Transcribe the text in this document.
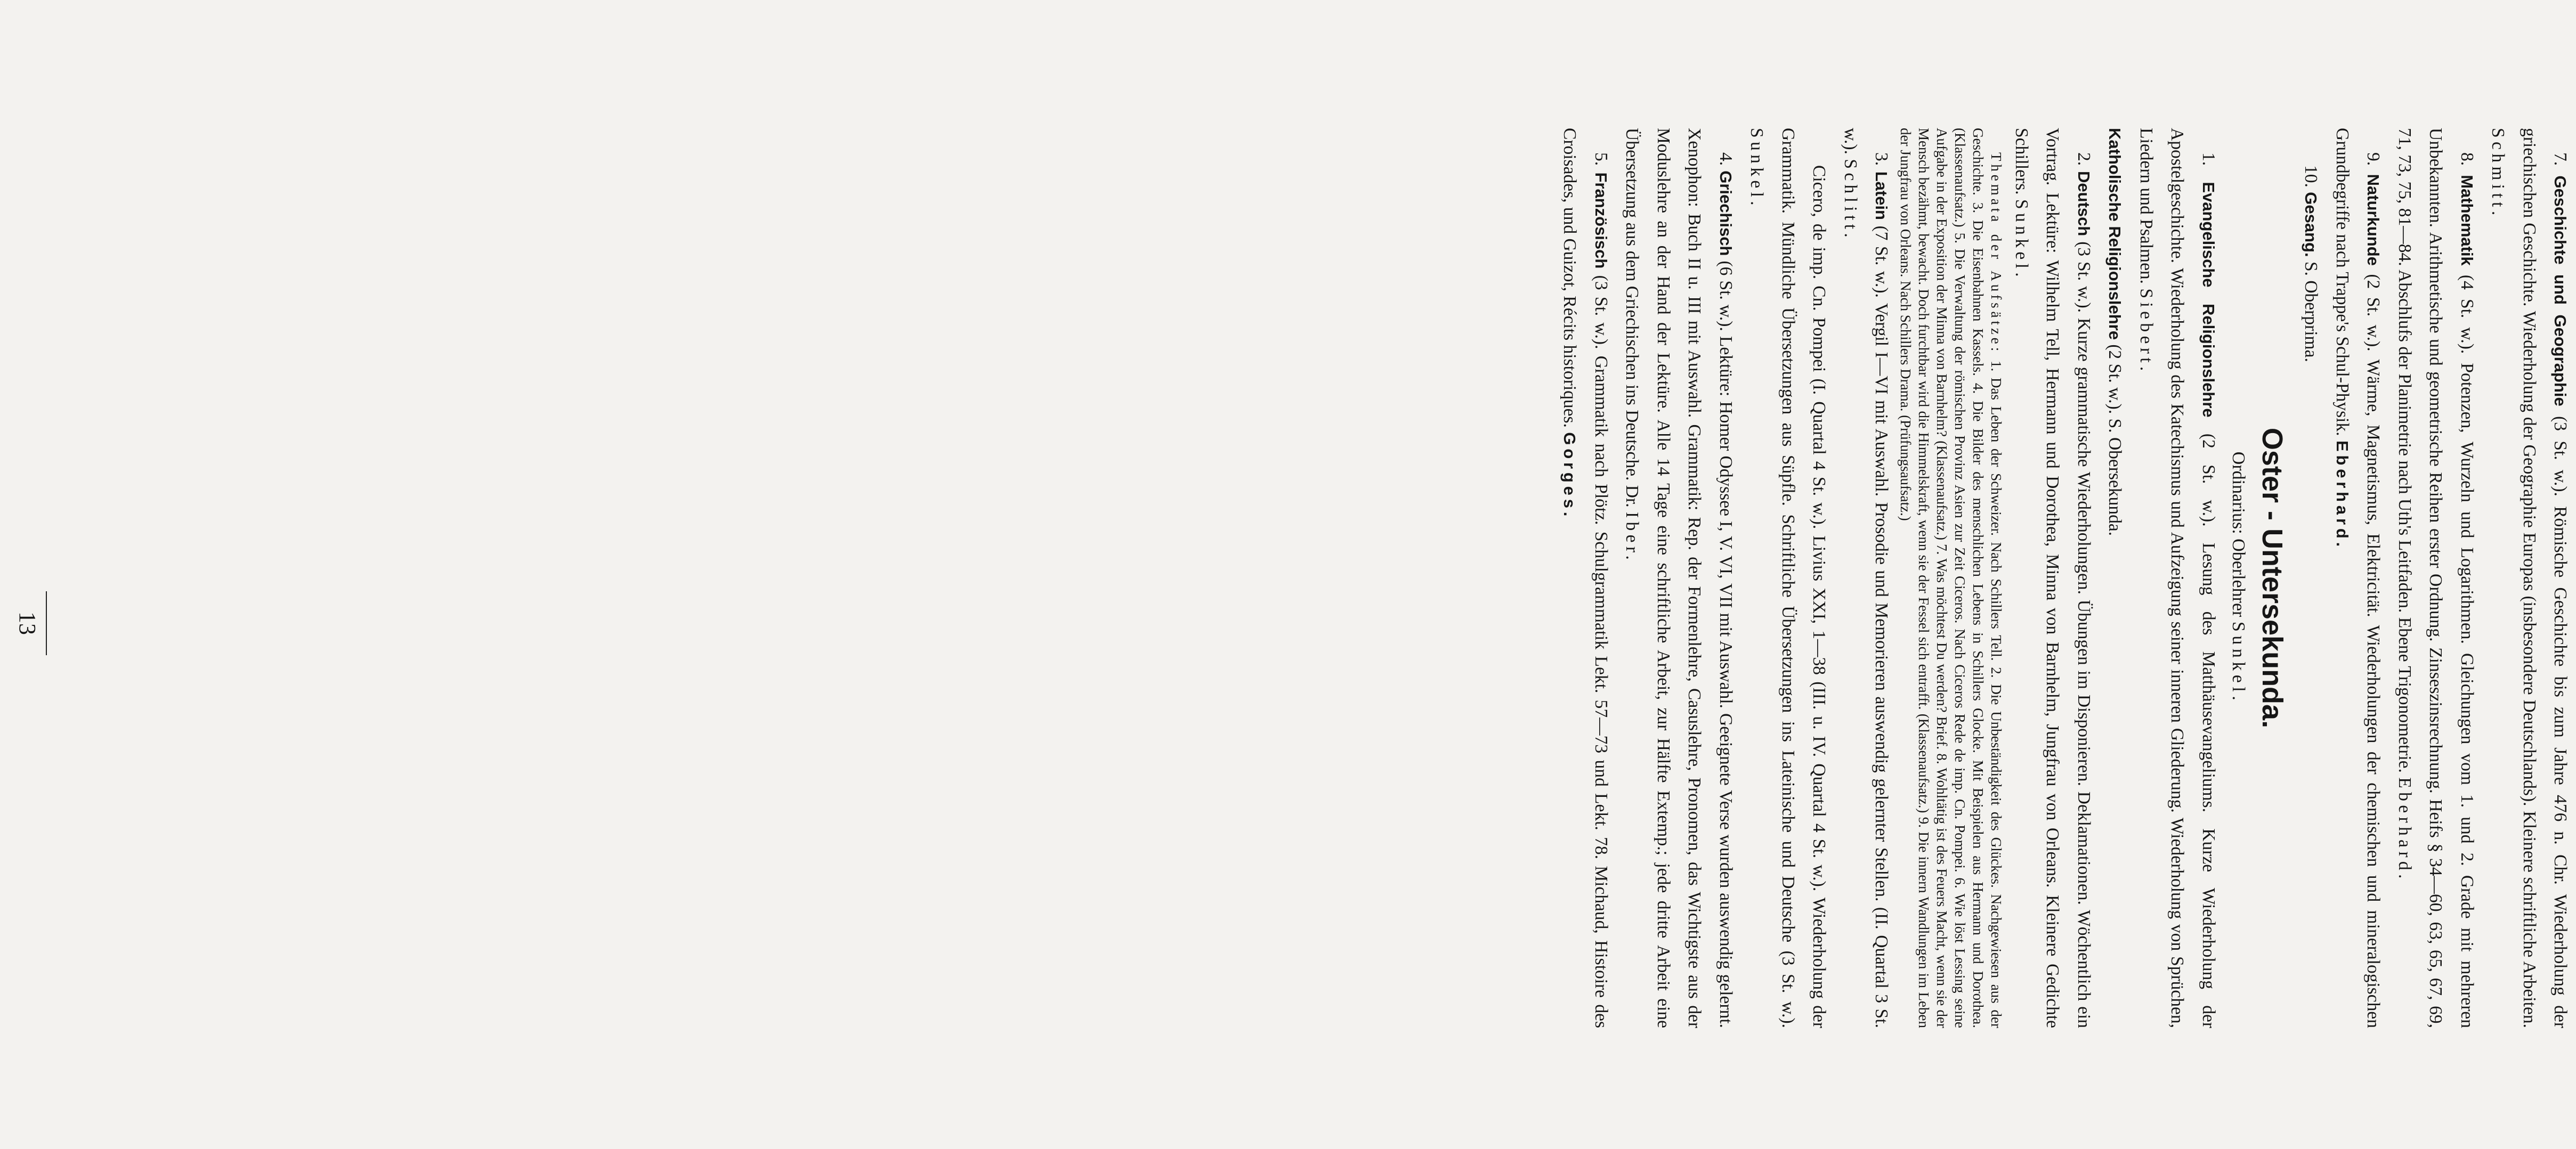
13

7. Geschichte und Geographie (3 St. w.). Römische Geschichte bis zum Jahre 476 n. Chr. Wiederholung der griechischen Geschichte. Wiederholung der Geographie Europas (insbesondere Deutschlands). Kleinere schriftliche Arbeiten. Schmitt.

8. Mathematik (4 St. w.). Potenzen, Wurzeln und Logarithmen. Gleichungen vom 1. und 2. Grade mit mehreren Unbekannten. Arithmetische und geometrische Reihen erster Ordnung. Zinseszinsrechnung. Heifs § 34—60, 63, 65, 67, 69, 71, 73, 75, 81—84. Abschlufs der Planimetrie nach Uth's Leitfaden. Ebene Trigonometrie. Eberhard.

9. Naturkunde (2 St. w.). Wärme, Magnetismus, Elektricität. Wiederholungen der chemischen und mineralogischen Grundbegriffe nach Trappe's Schul-Physik. Eberhard.

10. Gesang. S. Oberprima.

Oster - Untersekunda.
Ordinarius: Oberlehrer Sunkel.

1. Evangelische Religionslehre (2 St. w.). Lesung des Matthäusevangeliums. Kurze Wiederholung der Apostelgeschichte. Wiederholung des Katechismus und Aufzeigung seiner inneren Gliederung. Wiederholung von Sprüchen, Liedern und Psalmen. Siebert.

Katholische Religionslehre (2 St. w.). S. Obersekunda.

2. Deutsch (3 St. w.). Kurze grammatische Wiederholungen. Übungen im Disponieren. Deklamationen. Wöchentlich ein Vortrag. Lektüre: Wilhelm Tell, Hermann und Dorothea, Minna von Barnhelm, Jungfrau von Orleans. Kleinere Gedichte Schillers. Sunkel.

Themata der Aufsätze: 1. Das Leben der Schweizer. Nach Schillers Tell. 2. Die Unbeständigkeit des Glückes. Nachgewiesen aus der Geschichte. 3. Die Eisenbahnen Kassels. 4. Die Bilder des menschlichen Lebens in Schillers Glocke. Mit Beispielen aus Hermann und Dorothea. (Klassenaufsatz.) 5. Die Verwaltung der römischen Provinz Asien zur Zeit Ciceros. Nach Ciceros Rede de imp. Cn. Pompei. 6. Wie löst Lessing seine Aufgabe in der Exposition der Minna von Barnhelm? (Klassenaufsatz.) 7. Was möchtest Du werden? Brief. 8. Wohltätig ist des Feuers Macht, wenn sie der Mensch bezähmt, bewacht. Doch furchtbar wird die Himmelskraft, wenn sie der Fessel sich entrafft. (Klassenaufsatz.) 9. Die innern Wandlungen im Leben der Jungfrau von Orleans. Nach Schillers Drama. (Prüfungsaufsatz.)

3. Latein (7 St. w.). Vergil I—VI mit Auswahl. Prosodie und Memorieren auswendig gelernter Stellen. (II. Quartal 3 St. w.). Schlitt.

Cicero, de imp. Cn. Pompei (I. Quartal 4 St. w.). Livius XXI, 1—38 (III. u. IV. Quartal 4 St. w.). Wiederholung der Grammatik. Mündliche Übersetzungen aus Süpfle. Schriftliche Übersetzungen ins Lateinische und Deutsche (3 St. w.). Sunkel.

4. Griechisch (6 St. w.). Lektüre: Homer Odyssee I, V. VI, VII mit Auswahl. Geeignete Verse wurden auswendig gelernt. Xenophon: Buch II u. III mit Auswahl. Grammatik: Rep. der Formenlehre, Casuslehre, Pronomen, das Wichtigste aus der Moduslehre an der Hand der Lektüre. Alle 14 Tage eine schriftliche Arbeit, zur Hälfte Extemp.; jede dritte Arbeit eine Übersetzung aus dem Griechischen ins Deutsche. Dr. Iber.

5. Französisch (3 St. w.). Grammatik nach Plötz. Schulgrammatik Lekt. 57—73 und Lekt. 78. Michaud, Histoire des Croisades, und Guizot, Récits historiques. Gorges.
